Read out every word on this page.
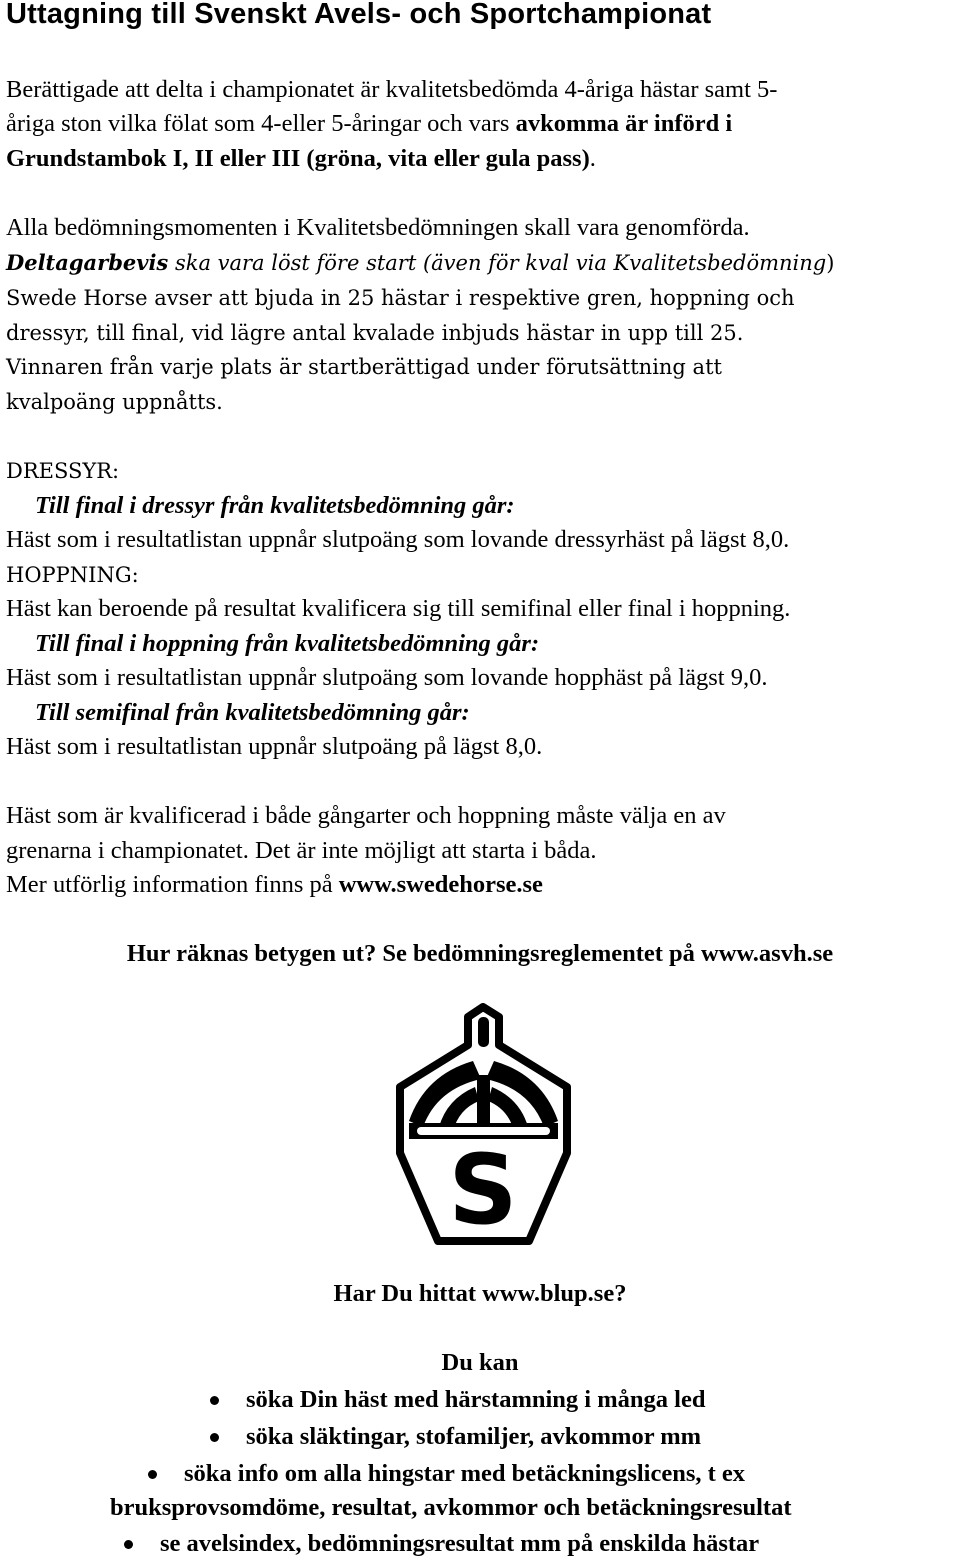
Uttagning till Svenskt Avels- och Sportchampionat
Berättigade att delta i championatet är kvalitetsbedömda 4-åriga hästar samt 5-
åriga ston vilka fölat som 4-eller 5-åringar och vars avkomma är införd i
Grundstambok I, II eller III (gröna, vita eller gula pass).
Alla bedömningsmomenten i Kvalitetsbedömningen skall vara genomförda.
Deltagarbevis ska vara löst före start (även för kval via Kvalitetsbedömning)
Swede Horse avser att bjuda in 25 hästar i respektive gren, hoppning och
dressyr, till final, vid lägre antal kvalade inbjuds hästar in upp till 25.
Vinnaren från varje plats är startberättigad under förutsättning att
kvalpoäng uppnåtts.
DRESSYR:
Till final i dressyr från kvalitetsbedömning går:
Häst som i resultatlistan uppnår slutpoäng som lovande dressyrhäst på lägst 8,0.
HOPPNING:
Häst kan beroende på resultat kvalificera sig till semifinal eller final i hoppning.
Till final i hoppning från kvalitetsbedömning går:
Häst som i resultatlistan uppnår slutpoäng som lovande hopphäst på lägst 9,0.
Till semifinal från kvalitetsbedömning går:
Häst som i resultatlistan uppnår slutpoäng på lägst 8,0.
Häst som är kvalificerad i både gångarter och hoppning måste välja en av
grenarna i championatet. Det är inte möjligt att starta i båda.
Mer utförlig information finns på www.swedehorse.se
Hur räknas betygen ut? Se bedömningsreglementet på www.asvh.se
S
Har Du hittat www.blup.se?
Du kan
söka Din häst med härstamning i många led
söka släktingar, stofamiljer, avkommor mm
söka info om alla hingstar med betäckningslicens, t ex
bruksprovsomdöme, resultat, avkommor och betäckningsresultat
se avelsindex, bedömningsresultat mm på enskilda hästar
